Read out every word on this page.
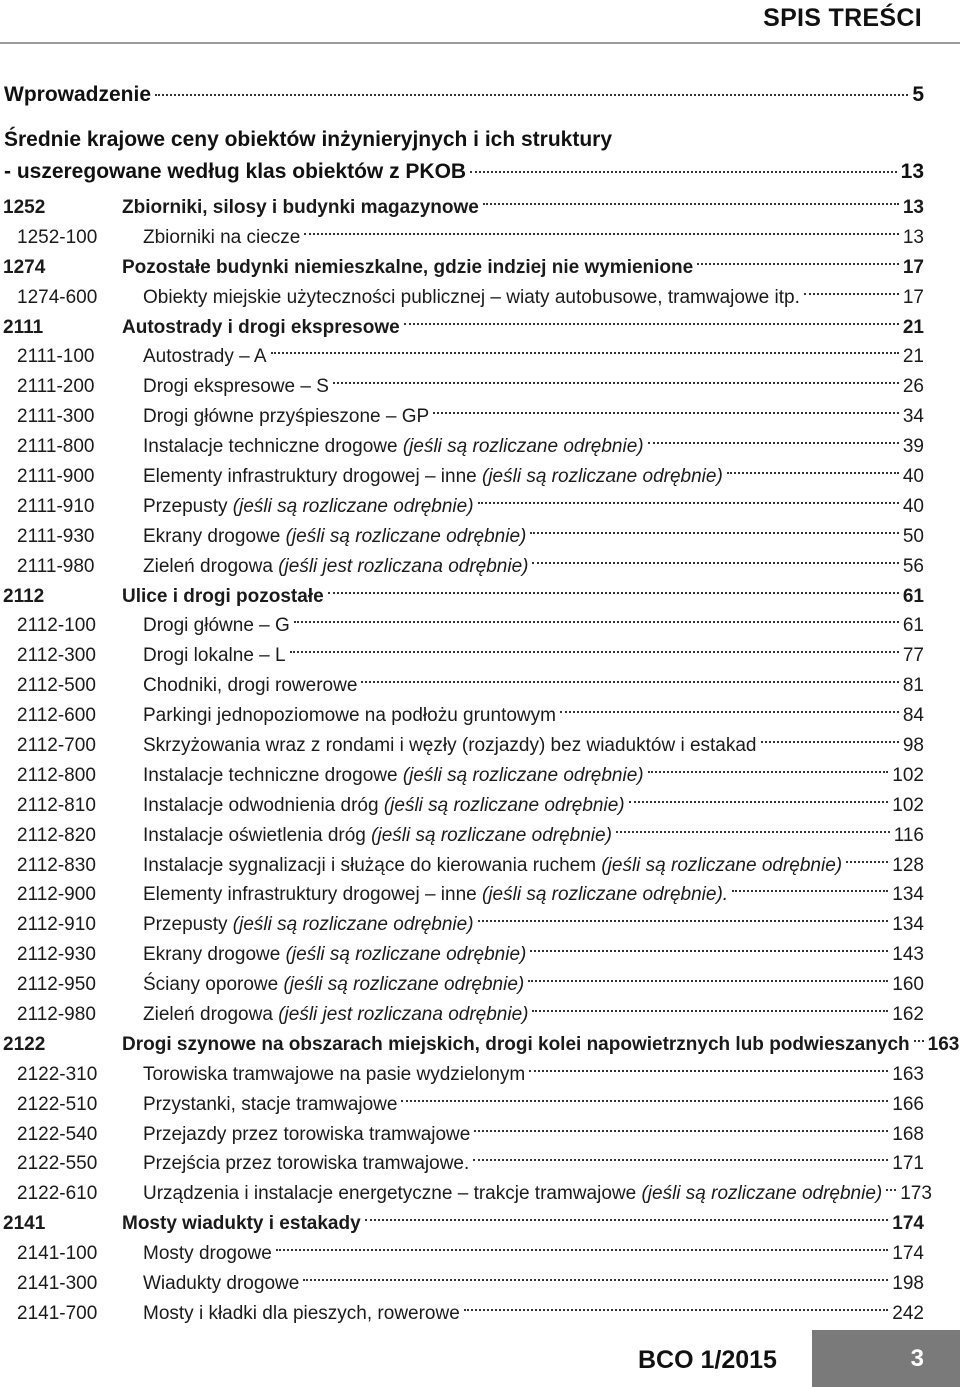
SPIS TREŚCI
Wprowadzenie	5
Średnie krajowe ceny obiektów inżynieryjnych i ich struktury
- uszeregowane według klas obiektów z PKOB	13
1252	Zbiorniki, silosy i budynki magazynowe	13
1252-100	Zbiorniki na ciecze	13
1274	Pozostałe budynki niemieszkalne, gdzie indziej nie wymienione	17
1274-600	Obiekty miejskie użyteczności publicznej – wiaty autobusowe, tramwajowe itp.	17
2111	Autostrady i drogi ekspresowe	21
2111-100	Autostrady – A	21
2111-200	Drogi ekspresowe – S	26
2111-300	Drogi główne przyśpieszone – GP	34
2111-800	Instalacje techniczne drogowe (jeśli są rozliczane odrębnie)	39
2111-900	Elementy infrastruktury drogowej – inne (jeśli są rozliczane odrębnie)	40
2111-910	Przepusty (jeśli są rozliczane odrębnie)	40
2111-930	Ekrany drogowe (jeśli są rozliczane odrębnie)	50
2111-980	Zieleń drogowa (jeśli jest rozliczana odrębnie)	56
2112	Ulice i drogi pozostałe	61
2112-100	Drogi główne – G	61
2112-300	Drogi lokalne – L	77
2112-500	Chodniki, drogi rowerowe	81
2112-600	Parkingi jednopoziomowe na podłożu gruntowym	84
2112-700	Skrzyżowania wraz z rondami i węzły (rozjazdy) bez wiaduktów i estakad	98
2112-800	Instalacje techniczne drogowe (jeśli są rozliczane odrębnie)	102
2112-810	Instalacje odwodnienia dróg (jeśli są rozliczane odrębnie)	102
2112-820	Instalacje oświetlenia dróg (jeśli są rozliczane odrębnie)	116
2112-830	Instalacje sygnalizacji i służące do kierowania ruchem (jeśli są rozliczane odrębnie)	128
2112-900	Elementy infrastruktury drogowej – inne (jeśli są rozliczane odrębnie).	134
2112-910	Przepusty (jeśli są rozliczane odrębnie)	134
2112-930	Ekrany drogowe (jeśli są rozliczane odrębnie)	143
2112-950	Ściany oporowe (jeśli są rozliczane odrębnie)	160
2112-980	Zieleń drogowa (jeśli jest rozliczana odrębnie)	162
2122	Drogi szynowe na obszarach miejskich, drogi kolei napowietrznych lub podwieszanych 163
2122-310	Torowiska tramwajowe na pasie wydzielonym	163
2122-510	Przystanki, stacje tramwajowe	166
2122-540	Przejazdy przez torowiska tramwajowe	168
2122-550	Przejścia przez torowiska tramwajowe.	171
2122-610	Urządzenia i instalacje energetyczne – trakcje tramwajowe (jeśli są rozliczane odrębnie) 173
2141	Mosty wiadukty i estakady	174
2141-100	Mosty drogowe	174
2141-300	Wiadukty drogowe	198
2141-700	Mosty i kładki dla pieszych, rowerowe	242
BCO 1/2015	3
